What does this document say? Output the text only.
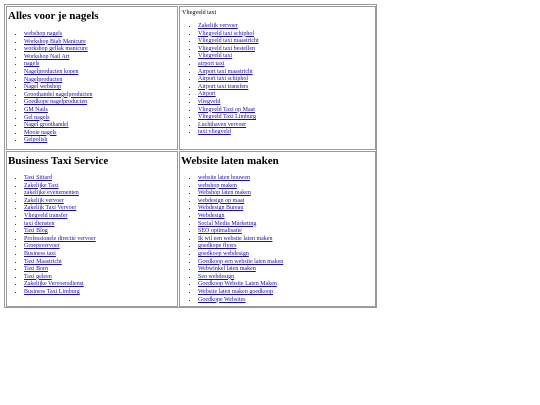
Alles voor je nagels
• webshop nagels
• Workshop Biab Manicure
• workshop gellak manicure
• Workshop Nail Art
• nagels
• Nagelproducten kopen
• Nagelproducten
• Nagel webshop
• Groothandel nagelproducten
• Goedkope nagelproducten
• GM Nails
• Gel nagels
• Nagel groothandel
• Mooie nagels
• Gelpolish
Vliegveld taxi
• Zakelijk vervoer
• Vliegveld taxi schiphol
• Vliegveld taxi maastricht
• Vliegveld taxi bestellen
• Vliegveld taxi
• airport taxi
• Airport taxi maastricht
• Airport taxi schiphol
• Airport taxi transfers
• Airport
• vliegveld
• Vliegveld Taxi op Maat
• Vliegveld Taxi Limburg
• Luchthaven vervoer
• taxi vliegveld
Business Taxi Service
• Taxi Sittard
• Zakelijke Taxi
• zakelijke evenementen
• Zakelijk vervoer
• Zakelijk Taxi Vervoer
• Vliegveld transfer
• taxi diensten
• Taxi Blog
• Professionele directie vervoer
• Groepsvervoer
• Business taxi
• Taxi Maastricht
• Taxi Born
• Taxi geleen
• Zakelijke Vervoersdienst
• Business Taxi Limburg
Website laten maken
• website laten bouwen
• webshop maken
• Webshop laten maken
• webdesign op maat
• Webdesign Bureau
• Webdesign
• Social Media Marketing
• SEO optimalisatie
• Ik wil een website laten maken
• goedkope flyers
• goedkoop webdesign
• Goedkoop een website laten maken
• Webwinkel laten maken
• Seo webdesign
• Goedkoop Website Laten Maken
• Website laten maken goedkoop
• Goedkope Websites
